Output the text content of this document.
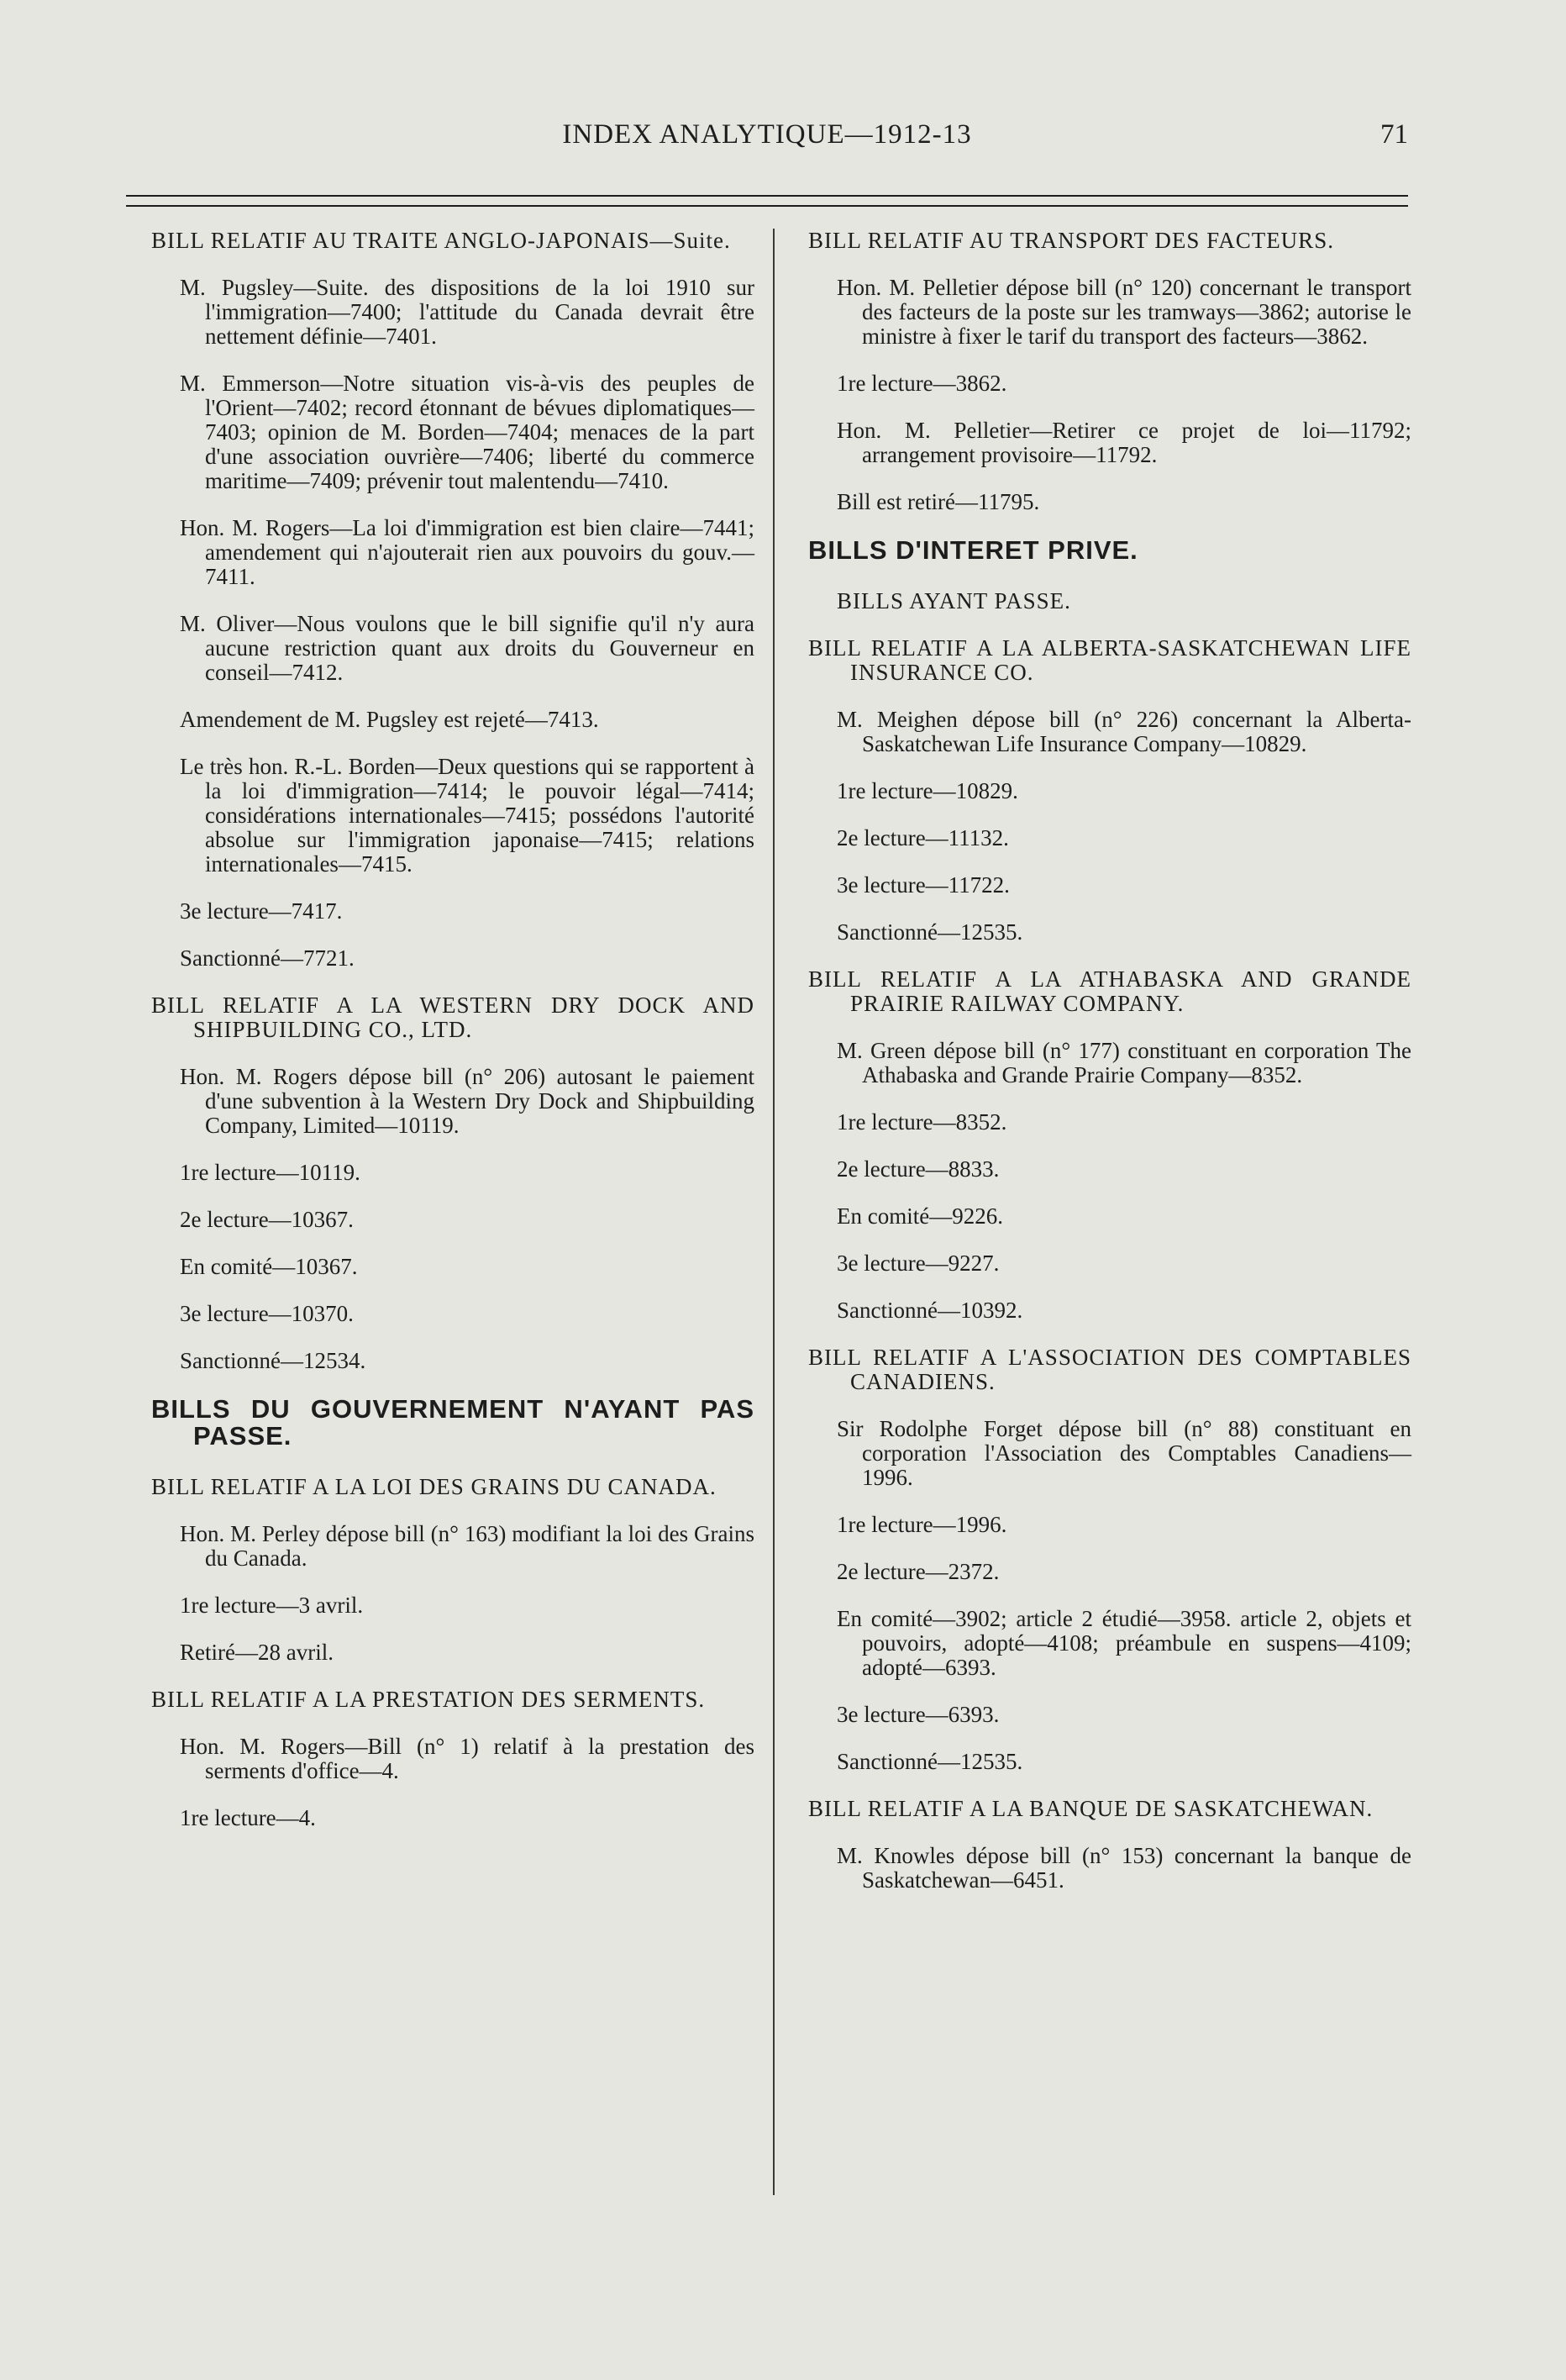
INDEX ANALYTIQUE—1912-13	71

BILL RELATIF AU TRAITE ANGLO-JAPONAIS—Suite.

M. Pugsley—Suite. des dispositions de la loi 1910 sur l'immigration—7400; l'attitude du Canada devrait être nettement définie—7401.

M. Emmerson—Notre situation vis-à-vis des peuples de l'Orient—7402; record étonnant de bévues diplomatiques—7403; opinion de M. Borden—7404; menaces de la part d'une association ouvrière—7406; liberté du commerce maritime—7409; prévenir tout malentendu—7410.

Hon. M. Rogers—La loi d'immigration est bien claire—7441; amendement qui n'ajouterait rien aux pouvoirs du gouv.—7411.

M. Oliver—Nous voulons que le bill signifie qu'il n'y aura aucune restriction quant aux droits du Gouverneur en conseil—7412.

Amendement de M. Pugsley est rejeté—7413.

Le très hon. R.-L. Borden—Deux questions qui se rapportent à la loi d'immigration—7414; le pouvoir légal—7414; considérations internationales—7415; possédons l'autorité absolue sur l'immigration japonaise—7415; relations internationales—7415.

3e lecture—7417.

Sanctionné—7721.

BILL RELATIF A LA WESTERN DRY DOCK AND SHIPBUILDING CO., LTD.

Hon. M. Rogers dépose bill (n° 206) autosant le paiement d'une subvention à la Western Dry Dock and Shipbuilding Company, Limited—10119.

1re lecture—10119.

2e lecture—10367.

En comité—10367.

3e lecture—10370.

Sanctionné—12534.

BILLS DU GOUVERNEMENT N'AYANT PAS PASSE.

BILL RELATIF A LA LOI DES GRAINS DU CANADA.

Hon. M. Perley dépose bill (n° 163) modifiant la loi des Grains du Canada.

1re lecture—3 avril.

Retiré—28 avril.

BILL RELATIF A LA PRESTATION DES SERMENTS.

Hon. M. Rogers—Bill (n° 1) relatif à la prestation des serments d'office—4.

1re lecture—4.

BILL RELATIF AU TRANSPORT DES FACTEURS.

Hon. M. Pelletier dépose bill (n° 120) concernant le transport des facteurs de la poste sur les tramways—3862; autorise le ministre à fixer le tarif du transport des facteurs—3862.

1re lecture—3862.

Hon. M. Pelletier—Retirer ce projet de loi—11792; arrangement provisoire—11792.

Bill est retiré—11795.

BILLS D'INTERET PRIVE.

BILLS AYANT PASSE.

BILL RELATIF A LA ALBERTA-SASKATCHEWAN LIFE INSURANCE CO.

M. Meighen dépose bill (n° 226) concernant la Alberta-Saskatchewan Life Insurance Company—10829.

1re lecture—10829.

2e lecture—11132.

3e lecture—11722.

Sanctionné—12535.

BILL RELATIF A LA ATHABASKA AND GRANDE PRAIRIE RAILWAY COMPANY.

M. Green dépose bill (n° 177) constituant en corporation The Athabaska and Grande Prairie Company—8352.

1re lecture—8352.

2e lecture—8833.

En comité—9226.

3e lecture—9227.

Sanctionné—10392.

BILL RELATIF A L'ASSOCIATION DES COMPTABLES CANADIENS.

Sir Rodolphe Forget dépose bill (n° 88) constituant en corporation l'Association des Comptables Canadiens—1996.

1re lecture—1996.

2e lecture—2372.

En comité—3902; article 2 étudié—3958. article 2, objets et pouvoirs, adopté—4108; préambule en suspens—4109; adopté—6393.

3e lecture—6393.

Sanctionné—12535.

BILL RELATIF A LA BANQUE DE SASKATCHEWAN.

M. Knowles dépose bill (n° 153) concernant la banque de Saskatchewan—6451.
